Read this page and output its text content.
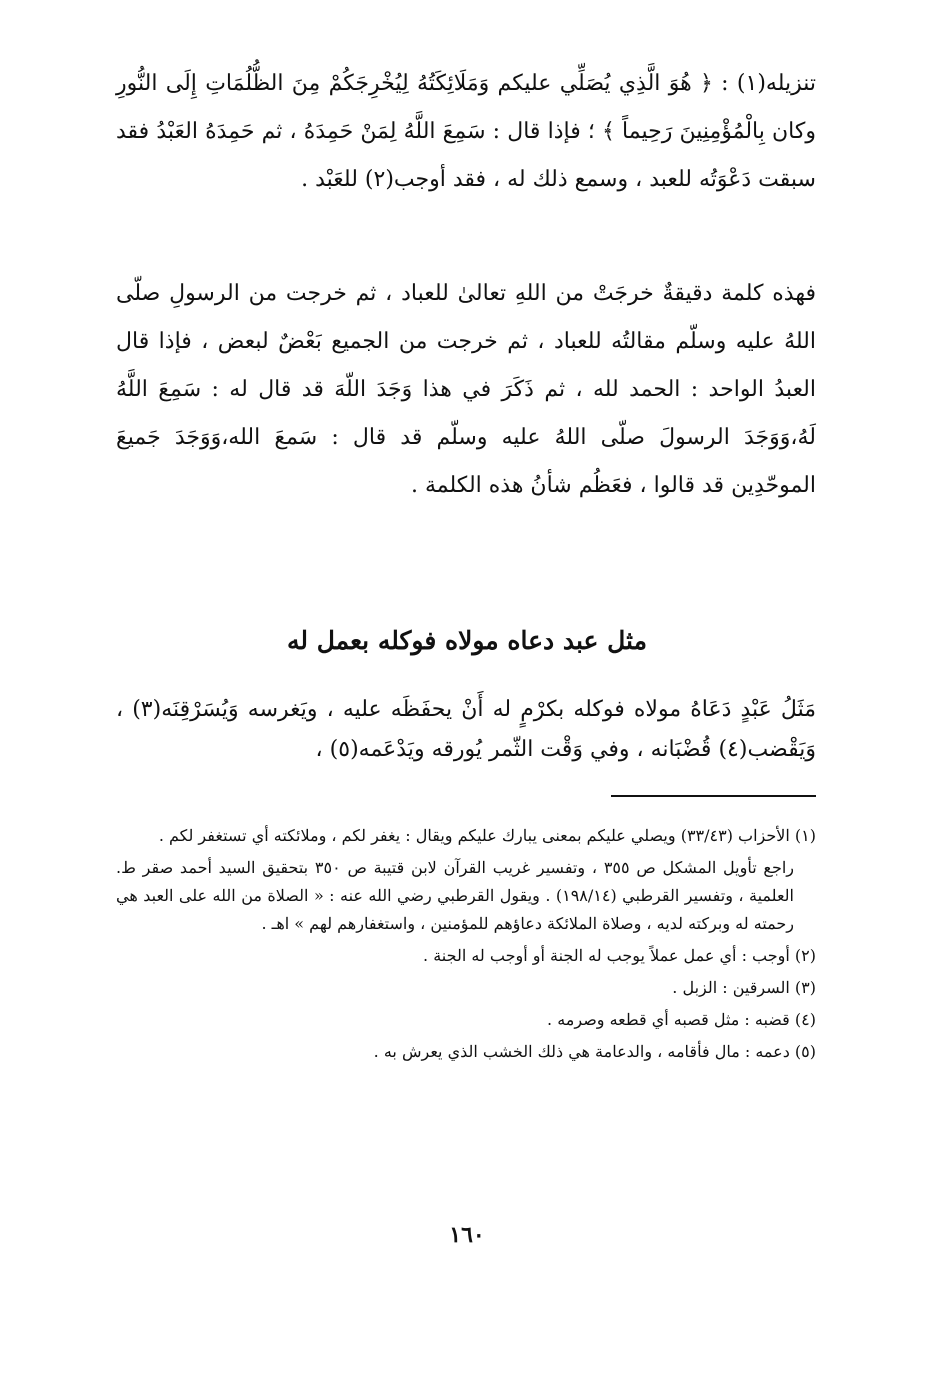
تنزيله(١) : ﴿ هُوَ الَّذِي يُصَلِّي عليكم وَمَلَائِكَتُهُ لِيُخْرِجَكُمْ مِنَ الظُّلُمَاتِ إِلَى النُّورِ وكان بِالْمُؤْمِنِينَ رَحِيماً ﴾ ؛ فإذا قال : سَمِعَ اللَّهُ لِمَنْ حَمِدَهُ ، ثم حَمِدَهُ العَبْدُ فقد سبقت دَعْوَتُه للعبد ، وسمع ذلك له ، فقد أوجب(٢) للعَبْد .

فهذه كلمة دقيقةٌ خرجَتْ من اللهِ تعالىٰ للعباد ، ثم خرجت من الرسولِ صلّى اللهُ عليه وسلّم مقالتُه للعباد ، ثم خرجت من الجميع بَعْضٌ لبعض ، فإذا قال العبدُ الواحد : الحمد لله ، ثم ذَكَرَ في هذا وَجَدَ اللّهَ قد قال له : سَمِعَ اللَّهُ لَهُ،وَوَجَدَ الرسولَ صلّى اللهُ عليه وسلّم قد قال : سَمعَ الله،وَوَجَدَ جَميعَ الموحّدِين قد قالوا ، فعَظُم شأنُ هذه الكلمة .

مثل عبد دعاه مولاه فوكله بعمل له

مَثَلُ عَبْدٍ دَعَاهُ مولاه فوكله بكرْمٍ له أَنْ يحفَظَه عليه ، ويَغرسه وَيُسَرْقِنَه(٣) ، وَيَقْضب(٤) قُضْبَانه ، وفي وَقْت الثّمر يُورقه ويَدْعَمه(٥) ،

(١) الأحزاب (٣٣/٤٣) ويصلي عليكم بمعنى يبارك عليكم ويقال : يغفر لكم ، وملائكته أي تستغفر لكم .
راجع تأويل المشكل ص ٣٥٥ ، وتفسير غريب القرآن لابن قتيبة ص ٣٥٠ بتحقيق السيد أحمد صقر ط. العلمية ، وتفسير القرطبي (١٩٨/١٤) . ويقول القرطبي رضي الله عنه : « الصلاة من الله على العبد هي رحمته له وبركته لديه ، وصلاة الملائكة دعاؤهم للمؤمنين ، واستغفارهم لهم » اهـ .
(٢) أوجب : أي عمل عملاً يوجب له الجنة أو أوجب له الجنة .
(٣) السرقين : الزبل .
(٤) قضبه : مثل قصبه أي قطعه وصرمه .
(٥) دعمه : مال فأقامه ، والدعامة هي ذلك الخشب الذي يعرش به .
١٦٠
